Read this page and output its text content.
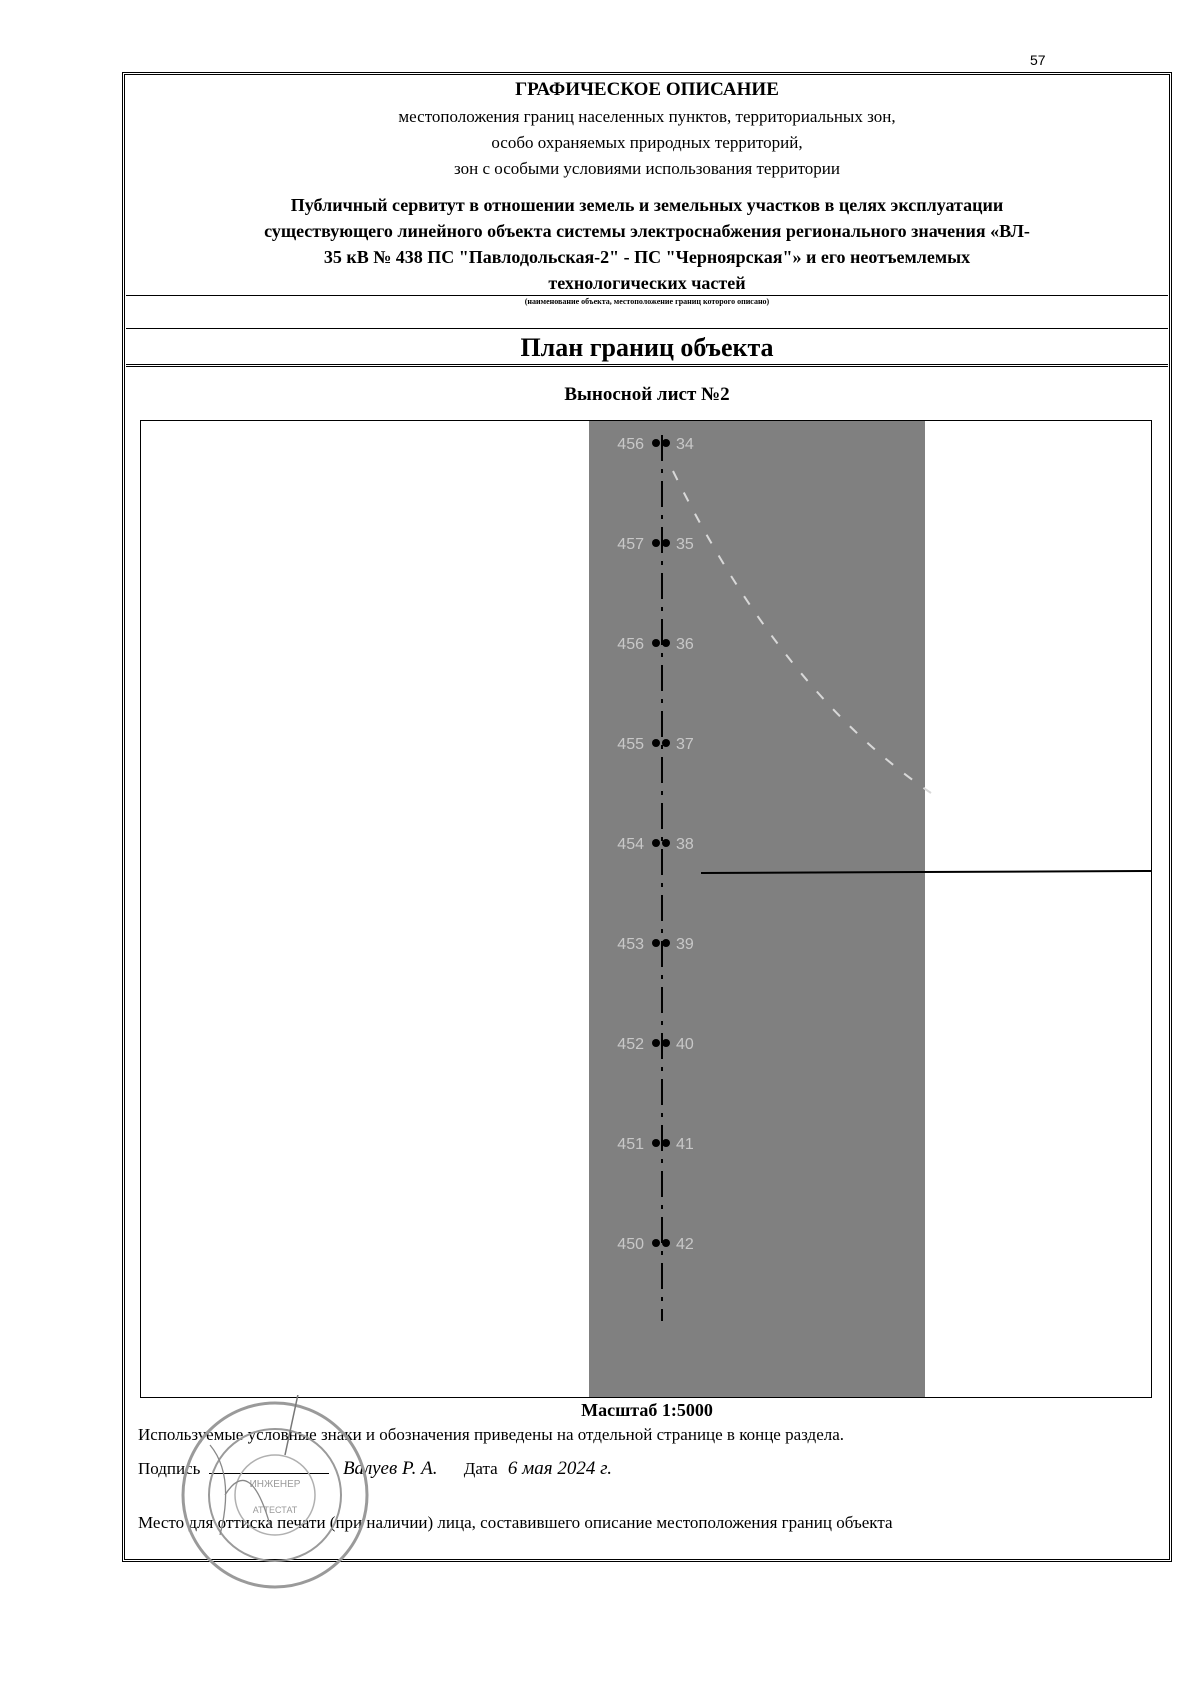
57
ГРАФИЧЕСКОЕ ОПИСАНИЕ
местоположения границ населенных пунктов, территориальных зон,
особо охраняемых природных территорий,
зон с особыми условиями использования территории
Публичный сервитут в отношении земель и земельных участков в целях эксплуатации
существующего линейного объекта системы электроснабжения регионального значения «ВЛ-
35 кВ № 438 ПС "Павлодольская-2" - ПС "Черноярская"» и его неотъемлемых
технологических частей
(наименование объекта, местоположение границ которого описано)
План границ объекта
Выносной лист №2
456 34
457 35
456 36
455 37
454 38
453 39
452 40
451 41
450 42
Масштаб 1:5000
Используемые условные знаки и обозначения приведены на отдельной странице в конце раздела.
Подпись	Валуев Р. А. Дата 6 мая 2024 г.
Место для оттиска печати (при наличии) лица, составившего описание местоположения границ объекта
ИНЖЕНЕР
АТТЕСТАТ
